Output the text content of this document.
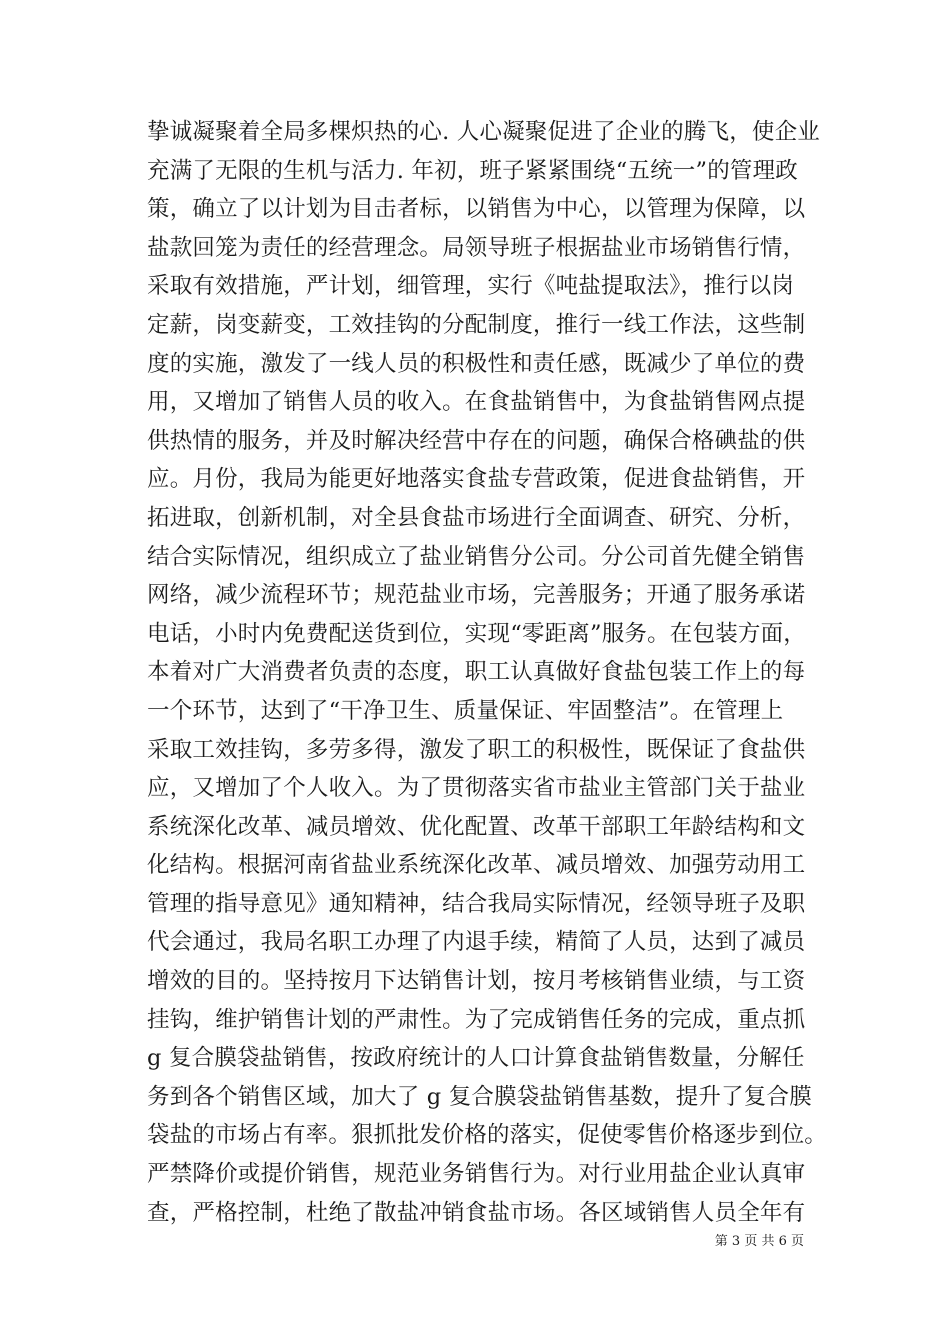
挚诚凝聚着全局多棵炽热的心. 人心凝聚促进了企业的腾飞，使企业
充满了无限的生机与活力. 年初，班子紧紧围绕“五统一”的管理政
策，确立了以计划为目击者标，以销售为中心，以管理为保障，以
盐款回笼为责任的经营理念。局领导班子根据盐业市场销售行情，
采取有效措施，严计划，细管理，实行《吨盐提取法》，推行以岗
定薪，岗变薪变，工效挂钩的分配制度，推行一线工作法，这些制
度的实施，激发了一线人员的积极性和责任感，既减少了单位的费
用，又增加了销售人员的收入。在食盐销售中，为食盐销售网点提
供热情的服务，并及时解决经营中存在的问题，确保合格碘盐的供
应。月份，我局为能更好地落实食盐专营政策，促进食盐销售，开
拓进取，创新机制，对全县食盐市场进行全面调查、研究、分析，
结合实际情况，组织成立了盐业销售分公司。分公司首先健全销售
网络，减少流程环节；规范盐业市场，完善服务；开通了服务承诺
电话，小时内免费配送货到位，实现“零距离”服务。在包装方面，
本着对广大消费者负责的态度，职工认真做好食盐包装工作上的每
一个环节，达到了“干净卫生、质量保证、牢固整洁”。在管理上
采取工效挂钩，多劳多得，激发了职工的积极性，既保证了食盐供
应，又增加了个人收入。为了贯彻落实省市盐业主管部门关于盐业
系统深化改革、减员增效、优化配置、改革干部职工年龄结构和文
化结构。根据河南省盐业系统深化改革、减员增效、加强劳动用工
管理的指导意见》通知精神，结合我局实际情况，经领导班子及职
代会通过，我局名职工办理了内退手续，精简了人员，达到了减员
增效的目的。坚持按月下达销售计划，按月考核销售业绩，与工资
挂钩，维护销售计划的严肃性。为了完成销售任务的完成，重点抓
g 复合膜袋盐销售，按政府统计的人口计算食盐销售数量，分解任
务到各个销售区域，加大了 g 复合膜袋盐销售基数，提升了复合膜
袋盐的市场占有率。狠抓批发价格的落实，促使零售价格逐步到位。
严禁降价或提价销售，规范业务销售行为。对行业用盐企业认真审
查，严格控制，杜绝了散盐冲销食盐市场。各区域销售人员全年有
第 3 页 共 6 页
